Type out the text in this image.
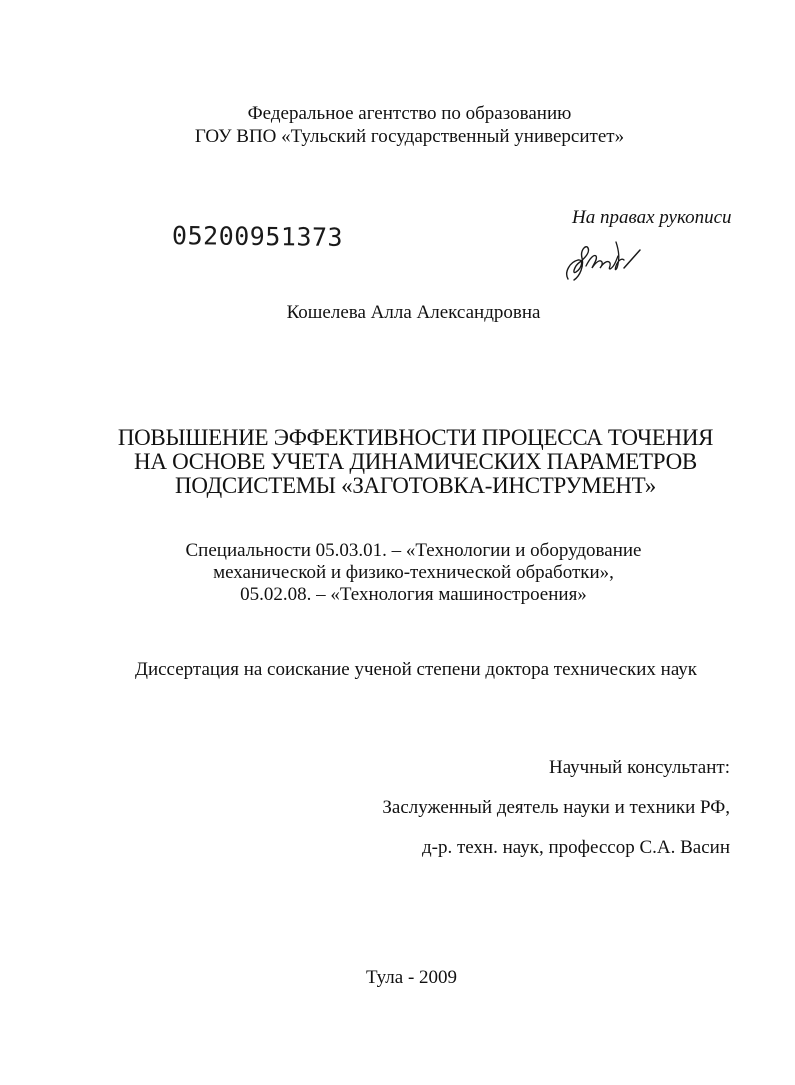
Федеральное агентство по образованию
ГОУ ВПО «Тульский государственный университет»
05200951373
На правах рукописи
Кошелева Алла Александровна
ПОВЫШЕНИЕ ЭФФЕКТИВНОСТИ ПРОЦЕССА ТОЧЕНИЯ
НА ОСНОВЕ УЧЕТА ДИНАМИЧЕСКИХ ПАРАМЕТРОВ
ПОДСИСТЕМЫ «ЗАГОТОВКА-ИНСТРУМЕНТ»
Специальности 05.03.01. – «Технологии и оборудование
механической и физико-технической обработки»,
05.02.08. – «Технология машиностроения»
Диссертация на соискание ученой степени доктора технических наук
Научный консультант:
Заслуженный деятель науки и техники РФ,
д-р. техн. наук, профессор С.А. Васин
Тула - 2009
